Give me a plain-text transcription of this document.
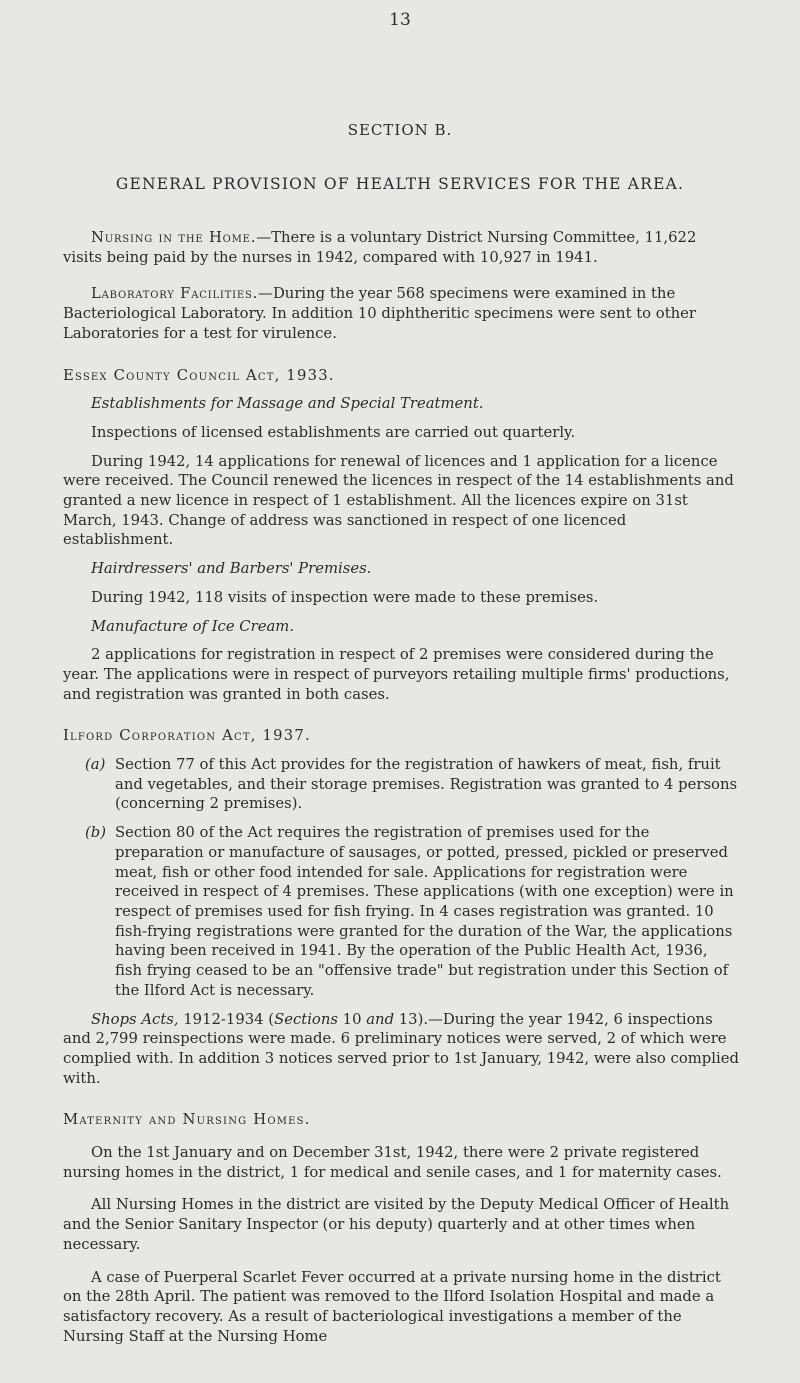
13
SECTION B.
GENERAL PROVISION OF HEALTH SERVICES FOR THE AREA.

Nursing in the Home.—There is a voluntary District Nursing Committee, 11,622 visits being paid by the nurses in 1942, compared with 10,927 in 1941.

Laboratory Facilities.—During the year 568 specimens were examined in the Bacteriological Laboratory. In addition 10 diphtheritic specimens were sent to other Laboratories for a test for virulence.

Essex County Council Act, 1933.

Establishments for Massage and Special Treatment.

Inspections of licensed establishments are carried out quarterly.

During 1942, 14 applications for renewal of licences and 1 application for a licence were received. The Council renewed the licences in respect of the 14 establishments and granted a new licence in respect of 1 establishment. All the licences expire on 31st March, 1943. Change of address was sanctioned in respect of one licenced establishment.

Hairdressers' and Barbers' Premises.

During 1942, 118 visits of inspection were made to these premises.

Manufacture of Ice Cream.

2 applications for registration in respect of 2 premises were considered during the year. The applications were in respect of purveyors retailing multiple firms' productions, and registration was granted in both cases.

Ilford Corporation Act, 1937.

(a) Section 77 of this Act provides for the registration of hawkers of meat, fish, fruit and vegetables, and their storage premises. Registration was granted to 4 persons (concerning 2 premises).
(b) Section 80 of the Act requires the registration of premises used for the preparation or manufacture of sausages, or potted, pressed, pickled or preserved meat, fish or other food intended for sale. Applications for registration were received in respect of 4 premises. These applications (with one exception) were in respect of premises used for fish frying. In 4 cases registration was granted. 10 fish-frying registrations were granted for the duration of the War, the applications having been received in 1941. By the operation of the Public Health Act, 1936, fish frying ceased to be an "offensive trade" but registration under this Section of the Ilford Act is necessary.

Shops Acts, 1912-1934 (Sections 10 and 13).—During the year 1942, 6 inspections and 2,799 reinspections were made. 6 preliminary notices were served, 2 of which were complied with. In addition 3 notices served prior to 1st January, 1942, were also complied with.

Maternity and Nursing Homes.

On the 1st January and on December 31st, 1942, there were 2 private registered nursing homes in the district, 1 for medical and senile cases, and 1 for maternity cases.

All Nursing Homes in the district are visited by the Deputy Medical Officer of Health and the Senior Sanitary Inspector (or his deputy) quarterly and at other times when necessary.

A case of Puerperal Scarlet Fever occurred at a private nursing home in the district on the 28th April. The patient was removed to the Ilford Isolation Hospital and made a satisfactory recovery. As a result of bacteriological investigations a member of the Nursing Staff at the Nursing Home
